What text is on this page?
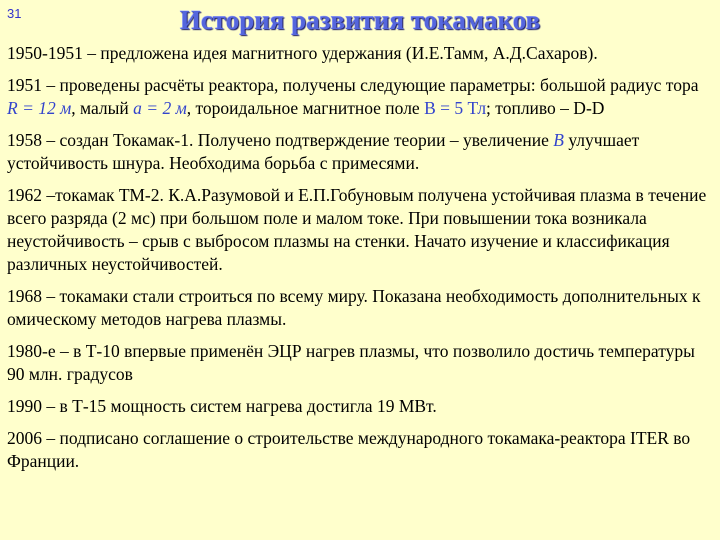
31	История развития токамаков

1950-1951 – предложена идея магнитного удержания (И.Е.Тамм, А.Д.Сахаров).

1951 – проведены расчёты реактора, получены следующие параметры: большой радиус тора R = 12 м, малый a = 2 м, тороидальное магнитное поле B = 5 Тл; топливо – D-D

1958 – создан Токамак-1. Получено подтверждение теории – увеличение B улучшает устойчивость шнура. Необходима борьба с примесями.

1962 –токамак ТМ-2. К.А.Разумовой и Е.П.Гобуновым получена устойчивая плазма в течение всего разряда (2 мс) при большом поле и малом токе. При повышении тока возникала неустойчивость – срыв с выбросом плазмы на стенки. Начато изучение и классификация различных неустойчивостей.

1968 – токамаки стали строиться по всему миру. Показана необходимость дополнительных к омическому методов нагрева плазмы.

1980-е – в Т-10 впервые применён ЭЦР нагрев плазмы, что позволило достичь температуры 90 млн. градусов

1990 – в Т-15 мощность систем нагрева достигла 19 МВт.

2006 – подписано соглашение о строительстве международного токамака-реактора ITER во Франции.
